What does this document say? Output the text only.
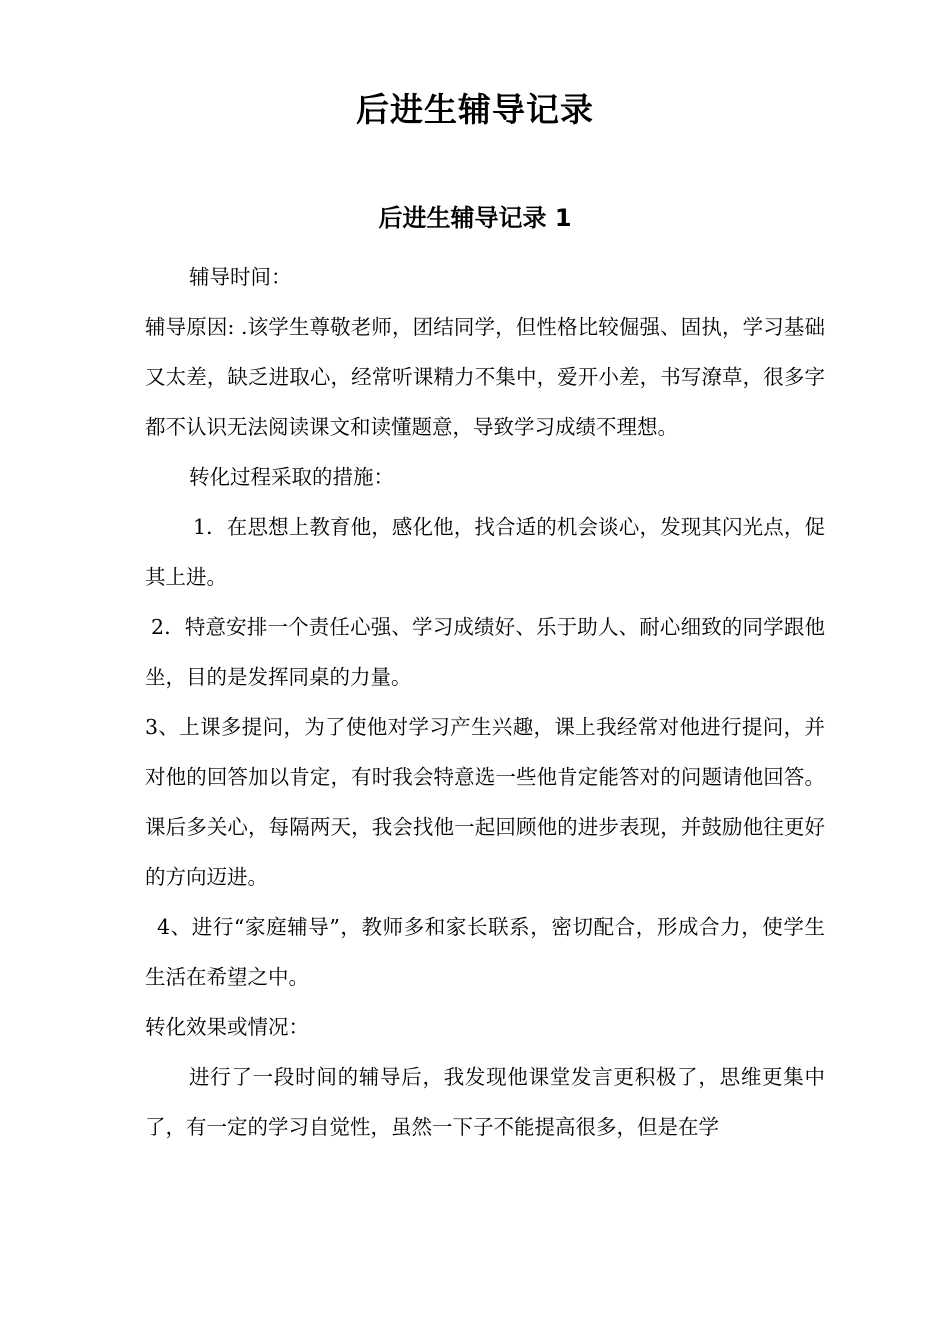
后进生辅导记录
后进生辅导记录 1

辅导时间：

辅导原因: .该学生尊敬老师，团结同学，但性格比较倔强、固执，学习基础又太差，缺乏进取心，经常听课精力不集中，爱开小差，书写潦草，很多字都不认识无法阅读课文和读懂题意，导致学习成绩不理想。

转化过程采取的措施：

1．在思想上教育他，感化他，找合适的机会谈心，发现其闪光点，促其上进。

2．特意安排一个责任心强、学习成绩好、乐于助人、耐心细致的同学跟他坐，目的是发挥同桌的力量。

3、上课多提问，为了使他对学习产生兴趣，课上我经常对他进行提问，并对他的回答加以肯定，有时我会特意选一些他肯定能答对的问题请他回答。课后多关心，每隔两天，我会找他一起回顾他的进步表现，并鼓励他往更好的方向迈进。

4、进行“家庭辅导”，教师多和家长联系，密切配合，形成合力，使学生生活在希望之中。

转化效果或情况：

进行了一段时间的辅导后，我发现他课堂发言更积极了，思维更集中了，有一定的学习自觉性，虽然一下子不能提高很多，但是在学
